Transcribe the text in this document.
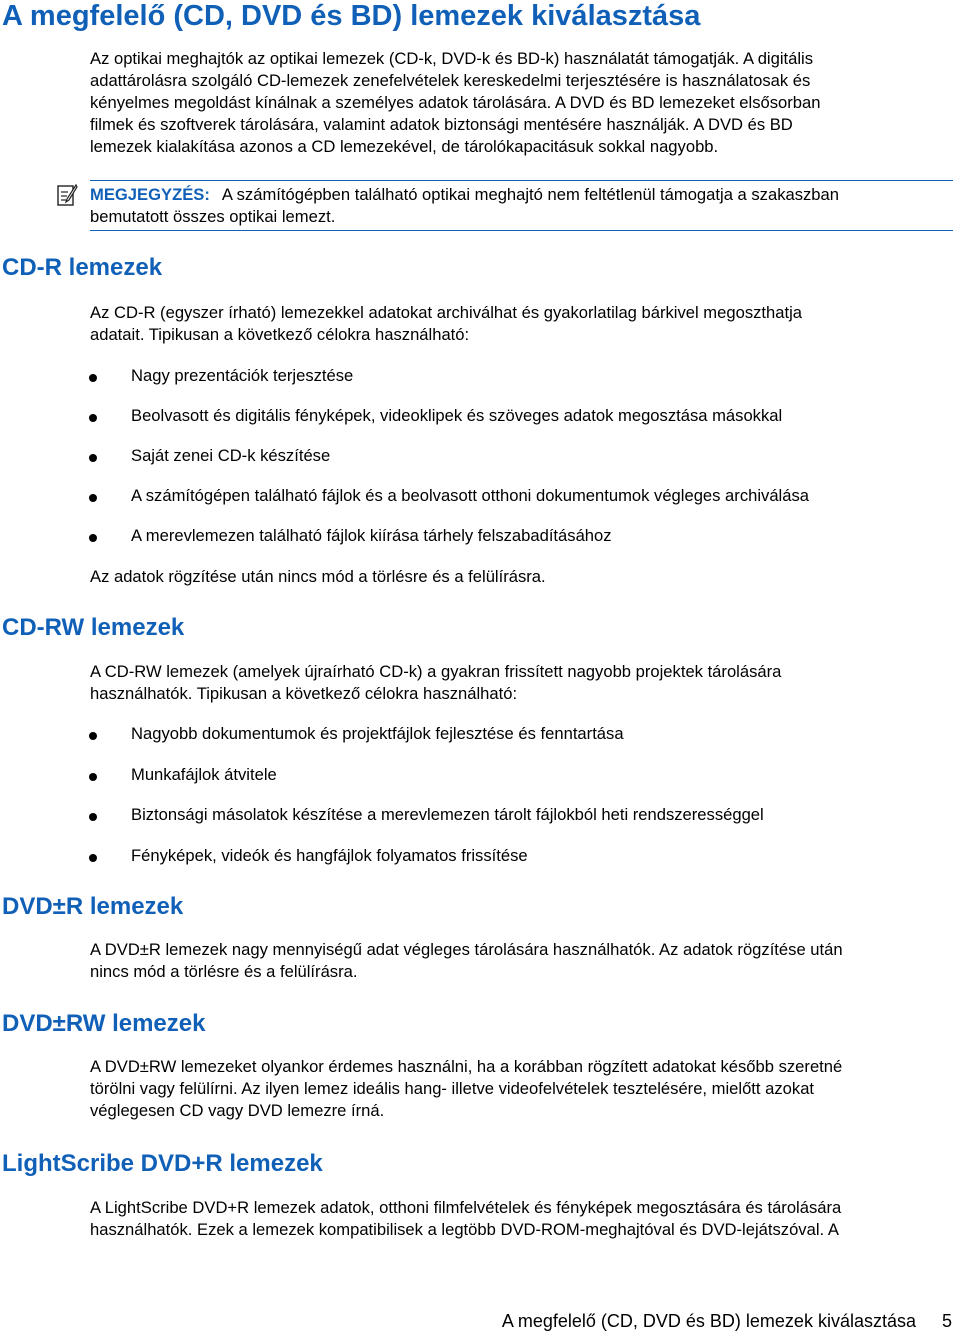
A megfelelő (CD, DVD és BD) lemezek kiválasztása
Az optikai meghajtók az optikai lemezek (CD-k, DVD-k és BD-k) használatát támogatják. A digitális
adattárolásra szolgáló CD-lemezek zenefelvételek kereskedelmi terjesztésére is használatosak és
kényelmes megoldást kínálnak a személyes adatok tárolására. A DVD és BD lemezeket elsősorban
filmek és szoftverek tárolására, valamint adatok biztonsági mentésére használják. A DVD és BD
lemezek kialakítása azonos a CD lemezekével, de tárolókapacitásuk sokkal nagyobb.
MEGJEGYZÉS: A számítógépben található optikai meghajtó nem feltétlenül támogatja a szakaszban
bemutatott összes optikai lemezt.
CD-R lemezek
Az CD-R (egyszer írható) lemezekkel adatokat archiválhat és gyakorlatilag bárkivel megoszthatja
adatait. Tipikusan a következő célokra használható:
Nagy prezentációk terjesztése
Beolvasott és digitális fényképek, videoklipek és szöveges adatok megosztása másokkal
Saját zenei CD-k készítése
A számítógépen található fájlok és a beolvasott otthoni dokumentumok végleges archiválása
A merevlemezen található fájlok kiírása tárhely felszabadításához
Az adatok rögzítése után nincs mód a törlésre és a felülírásra.
CD-RW lemezek
A CD-RW lemezek (amelyek újraírható CD-k) a gyakran frissített nagyobb projektek tárolására
használhatók. Tipikusan a következő célokra használható:
Nagyobb dokumentumok és projektfájlok fejlesztése és fenntartása
Munkafájlok átvitele
Biztonsági másolatok készítése a merevlemezen tárolt fájlokból heti rendszerességgel
Fényképek, videók és hangfájlok folyamatos frissítése
DVD±R lemezek
A DVD±R lemezek nagy mennyiségű adat végleges tárolására használhatók. Az adatok rögzítése után
nincs mód a törlésre és a felülírásra.
DVD±RW lemezek
A DVD±RW lemezeket olyankor érdemes használni, ha a korábban rögzített adatokat később szeretné
törölni vagy felülírni. Az ilyen lemez ideális hang- illetve videofelvételek tesztelésére, mielőtt azokat
véglegesen CD vagy DVD lemezre írná.
LightScribe DVD+R lemezek
A LightScribe DVD+R lemezek adatok, otthoni filmfelvételek és fényképek megosztására és tárolására
használhatók. Ezek a lemezek kompatibilisek a legtöbb DVD-ROM-meghajtóval és DVD-lejátszóval. A
A megfelelő (CD, DVD és BD) lemezek kiválasztása 5
